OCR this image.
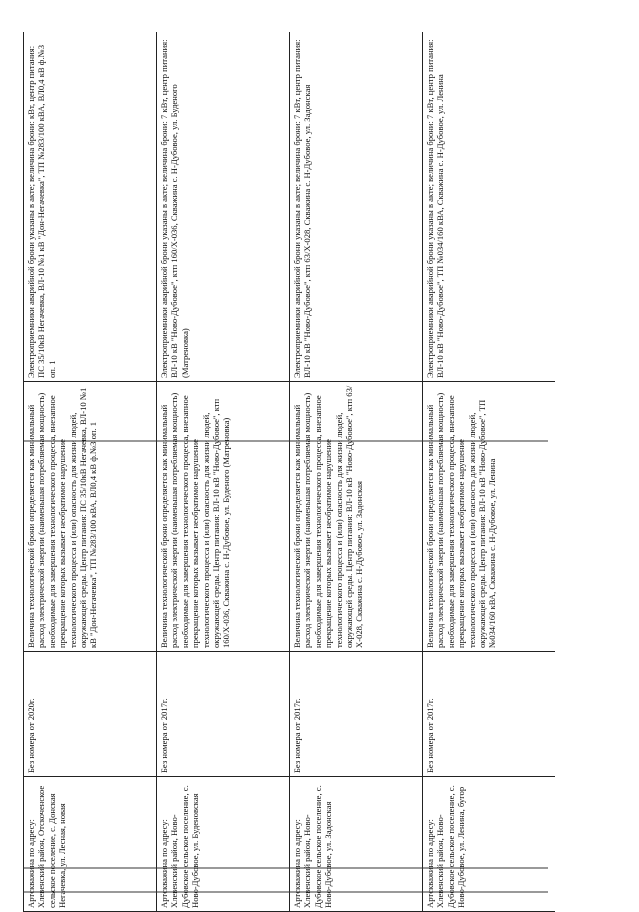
Артскважина по адресу: Хлевенский район, Отскоченское сельское поселение, с. Донская Негачевка, ул. Лесная, новая	Без номера от 2020г.	Величина технологической брони определяется как минимальный расход электрической энергии (наименьшая потребляемая мощность) необходимые для завершения технологического процесса, внезапное прекращение которых вызывает необратимое нарушение технологического процесса и (или) опасность для жизни людей, окружающей среды. Центр питания: ПС 35/10кВ Негачевка, ВЛ-10 №1 кВ "Дон-Негачевка", ТП №283/100 кВА, ВЛ0,4 кВ ф.№3 оп. 1	Электроприемники аварийной брони указаны в акте; величина брони: кВт, центр питания: ПС 35/10кВ Негачевка, ВЛ-10 №1 кВ "Дон-Негачевка", ТП №283/100 кВА, ВЛ0,4 кВ ф.№3 оп. 1
Артскважина по адресу: Хлевенский район, Ново-Дубовское сельское поселение, с. Ново-Дубовое, ул. Буденовская	Без номера от 2017г.	Величина технологической брони определяется как минимальный расход электрической энергии (наименьшая потребляемая мощность) необходимые для завершения технологического процесса, внезапное прекращение которых вызывает необратимое нарушение технологического процесса и (или) опасность для жизни людей, окружающей среды. Центр питания: ВЛ-10 кВ "Ново-Дубовое", ктп 160/Х-036, Скважина с. Н-Дубовое, ул. Буденого (Матреновка)	Электроприемники аварийной брони указаны в акте; величина брони: 7 кВт, центр питания: ВЛ-10 кВ "Ново-Дубовое", ктп 160/Х-036, Скважина с. Н-Дубовое, ул. Буденого (Матреновка)
Артскважина по адресу: Хлевенский район, Ново-Дубовское сельское поселение, с. Ново-Дубовое, ул. Задонская	Без номера от 2017г.	Величина технологической брони определяется как минимальный расход электрической энергии (наименьшая потребляемая мощность) необходимые для завершения технологического процесса, внезапное прекращение которых вызывает необратимое нарушение технологического процесса и (или) опасность для жизни людей, окружающей среды. Центр питания: ВЛ-10 кВ "Ново-Дубовое", ктп 63/Х-028, Скважина с. Н-Дубовое, ул. Задонская	Электроприемники аварийной брони указаны в акте; величина брони: 7 кВт, центр питания: ВЛ-10 кВ "Ново-Дубовое", ктп 63/Х-028, Скважина с. Н-Дубовое, ул. Задонская
Артскважина по адресу: Хлевенский район, Ново-Дубовское сельское поселение, с. Ново-Дубовое, ул. Ленина, бугор	Без номера от 2017г.	Величина технологической брони определяется как минимальный расход электрической энергии (наименьшая потребляемая мощность) необходимые для завершения технологического процесса, внезапное прекращение которых вызывает необратимое нарушение технологического процесса и (или) опасность для жизни людей, окружающей среды. Центр питания: ВЛ-10 кВ "Ново-Дубовое", ТП №034/160 кВА, Скважина с. Н-Дубовое, ул. Ленина	Электроприемники аварийной брони указаны в акте; величина брони: 7 кВт, центр питания: ВЛ-10 кВ "Ново-Дубовое", ТП №034/160 кВА, Скважина с. Н-Дубовое, ул. Ленина
